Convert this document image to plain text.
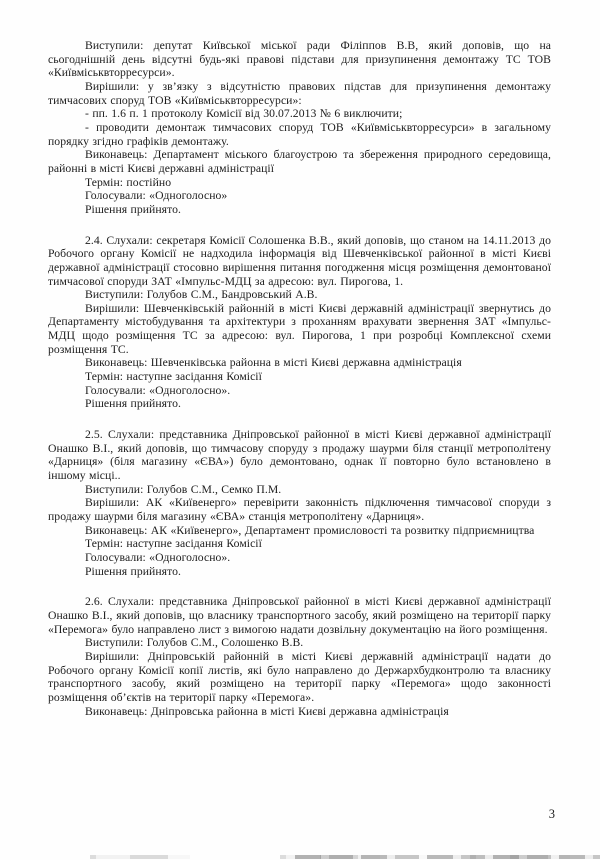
Виступили: депутат Київської міської ради Філіппов В.В, який доповів, що на сьогоднішній день відсутні будь-які правові підстави для призупинення демонтажу ТС ТОВ «Київміськвторресурси».

Вирішили: у зв’язку з відсутністю правових підстав для призупинення демонтажу тимчасових споруд ТОВ «Київміськвторресурси»:

- пп. 1.6 п. 1 протоколу Комісії від 30.07.2013 № 6 виключити;

- проводити демонтаж тимчасових споруд ТОВ «Київміськвторресурси» в загальному порядку згідно графіків демонтажу.

Виконавець: Департамент міського благоустрою та збереження природного середовища, районні в місті Києві державні адміністрації

Термін: постійно

Голосували: «Одноголосно»

Рішення прийнято.

2.4. Слухали: секретаря Комісії Солошенка В.В., який доповів, що станом на 14.11.2013 до Робочого органу Комісії не надходила інформація від Шевченківської районної в місті Києві державної адміністрації стосовно вирішення питання погодження місця розміщення демонтованої тимчасової споруди ЗАТ «Імпульс-МДЦ за адресою: вул. Пирогова, 1.

Виступили: Голубов С.М., Бандровський А.В.

Вирішили: Шевченківській районній в місті Києві державній адміністрації звернутись до Департаменту містобудування та архітектури з проханням врахувати звернення ЗАТ «Імпульс-МДЦ щодо розміщення ТС за адресою: вул. Пирогова, 1 при розробці Комплексної схеми розміщення ТС.

Виконавець: Шевченківська районна в місті Києві державна адміністрація

Термін: наступне засідання Комісії

Голосували: «Одноголосно».

Рішення прийнято.

2.5. Слухали: представника Дніпровської районної в місті Києві державної адміністрації Онашко В.І., який доповів, що тимчасову споруду з продажу шаурми біля станції метрополітену «Дарниця» (біля магазину «ЄВА») було демонтовано, однак її повторно було встановлено в іншому місці..

Виступили: Голубов С.М., Семко П.М.

Вирішили: АК «Київенерго» перевірити законність підключення тимчасової споруди з продажу шаурми біля магазину «ЄВА» станція метрополітену «Дарниця».

Виконавець: АК «Київенерго», Департамент промисловості та розвитку підприємництва

Термін: наступне засідання Комісії

Голосували: «Одноголосно».

Рішення прийнято.

2.6. Слухали: представника Дніпровської районної в місті Києві державної адміністрації Онашко В.І., який доповів, що власнику транспортного засобу, який розміщено на території парку «Перемога» було направлено лист з вимогою надати дозвільну документацію на його розміщення.

Виступили: Голубов С.М., Солошенко В.В.

Вирішили: Дніпровській районній в місті Києві державній адміністрації надати до Робочого органу Комісії копії листів, які було направлено до Держархбудконтролю та власнику транспортного засобу, який розміщено на території парку «Перемога» щодо законності розміщення об’єктів на території парку «Перемога».

Виконавець: Дніпровська районна в місті Києві державна адміністрація

3
